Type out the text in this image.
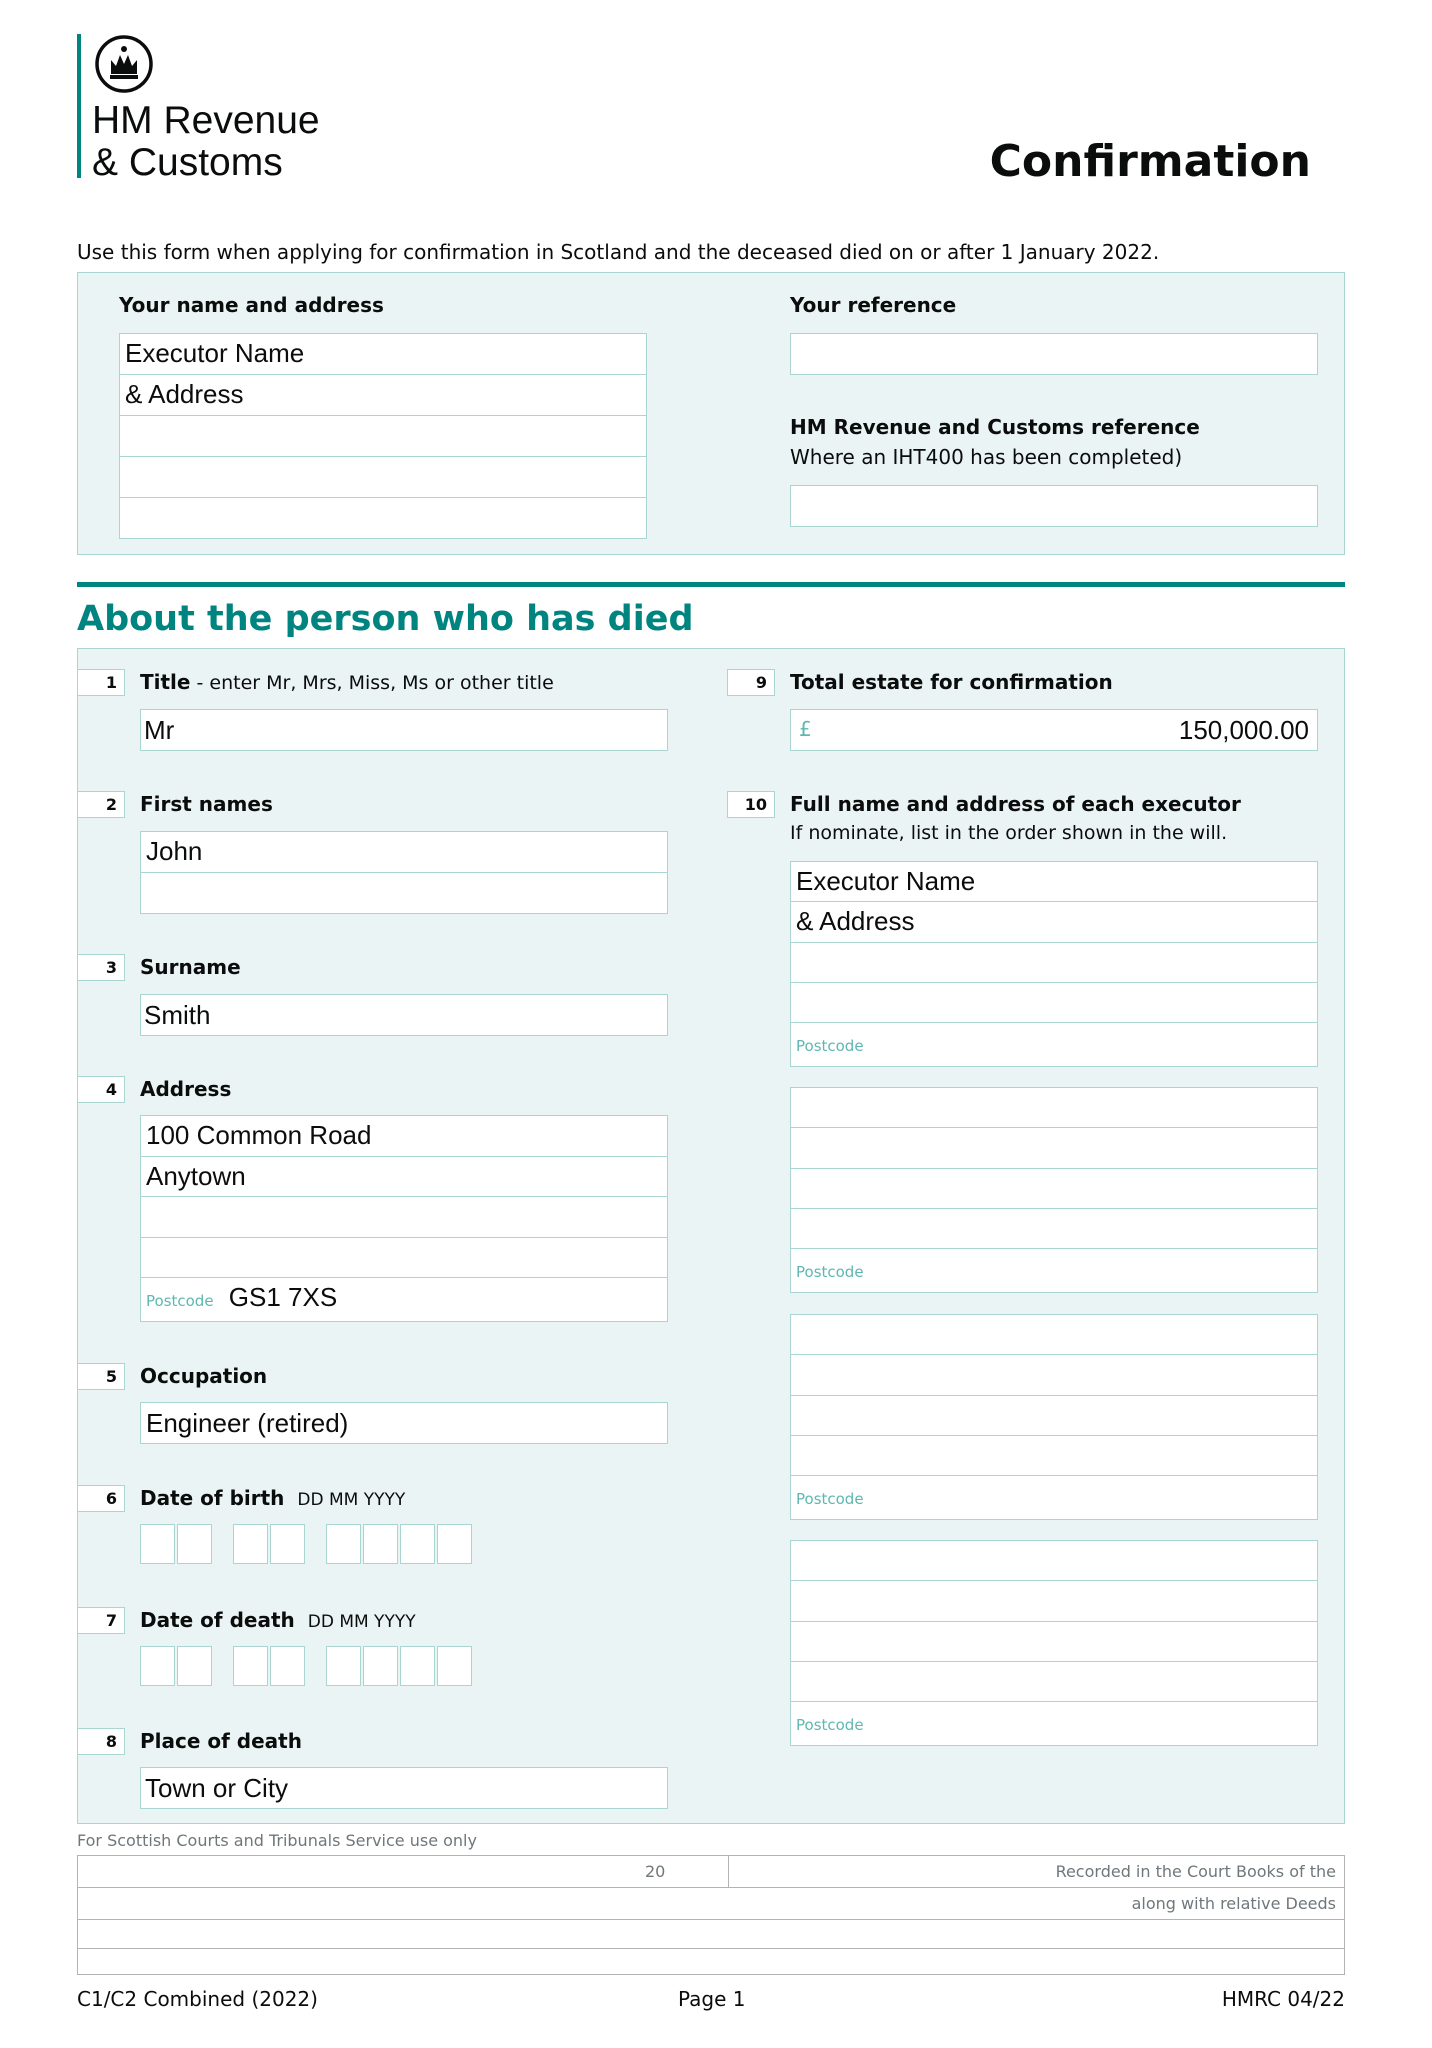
HM Revenue
& Customs	Confirmation
Use this form when applying for confirmation in Scotland and the deceased died on or after 1 January 2022.
Your name and address
Executor Name
& Address
Your reference
HM Revenue and Customs reference
Where an IHT400 has been completed)
About the person who has died
1	Title - enter Mr, Mrs, Miss, Ms or other title
Mr
2	First names
John
3	Surname
Smith
4	Address
100 Common Road
Anytown
Postcode GS1 7XS
5	Occupation
Engineer (retired)
6	Date of birth DD MM YYYY
7	Date of death DD MM YYYY
8	Place of death
Town or City
9	Total estate for confirmation
£	150,000.00
10	Full name and address of each executor
If nominate, list in the order shown in the will.
Executor Name
& Address
Postcode
Postcode
Postcode
Postcode
For Scottish Courts and Tribunals Service use only
20	Recorded in the Court Books of the
along with relative Deeds
C1/C2 Combined (2022)	Page 1	HMRC 04/22
